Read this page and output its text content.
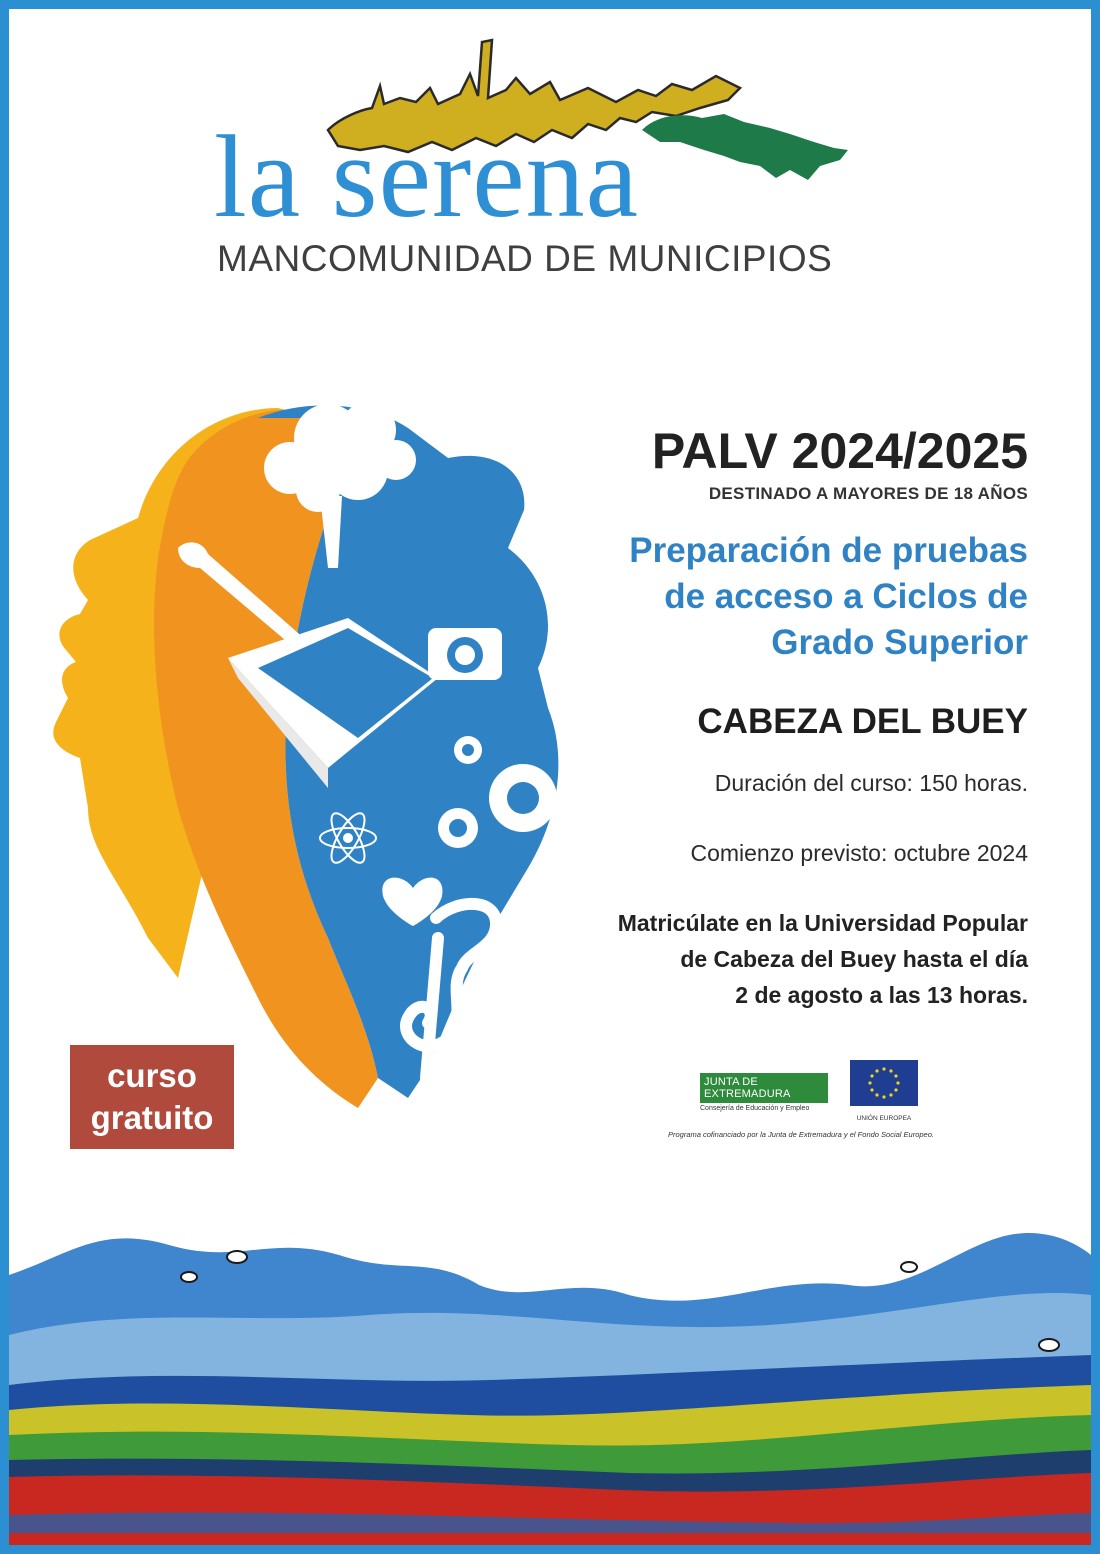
la serena

MANCOMUNIDAD DE MUNICIPIOS

PALV 2024/2025

DESTINADO A MAYORES DE 18 AÑOS

Preparación de pruebas
de acceso a Ciclos de
Grado Superior

CABEZA DEL BUEY

Duración del curso: 150 horas.

Comienzo previsto: octubre 2024

Matricúlate en la Universidad Popular
de Cabeza del Buey hasta el día
2 de agosto a las 13 horas.
JUNTA DE EXTREMADURA
Consejería de Educación y Empleo
UNIÓN EUROPEA

Programa cofinanciado por la Junta de Extremadura y el Fondo Social Europeo.

curso
gratuito
